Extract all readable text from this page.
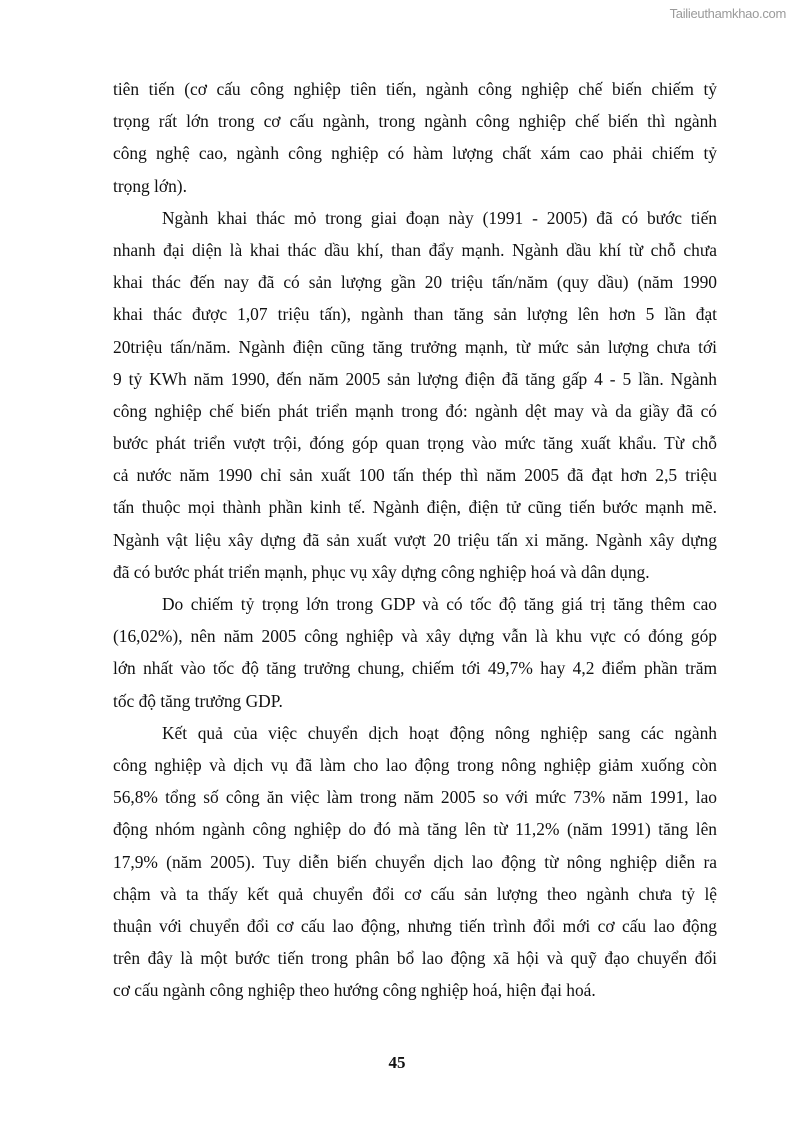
Tailieuthamkhao.com
tiên tiến (cơ cấu công nghiệp tiên tiến, ngành công nghiệp chế biến chiếm tỷ
trọng rất lớn trong cơ cấu ngành, trong ngành công nghiệp chế biến thì ngành
công nghệ cao, ngành công nghiệp có hàm lượng chất xám cao phải chiếm tỷ
trọng lớn).
Ngành khai thác mỏ trong giai đoạn này (1991 - 2005) đã có bước tiến
nhanh đại diện là khai thác dầu khí, than đẩy mạnh. Ngành dầu khí từ chỗ chưa
khai thác đến nay đã có sản lượng gần 20 triệu tấn/năm (quy dầu) (năm 1990
khai thác được 1,07 triệu tấn), ngành than tăng sản lượng lên hơn 5 lần đạt
20triệu tấn/năm. Ngành điện cũng tăng trưởng mạnh, từ mức sản lượng chưa tới
9 tỷ KWh năm 1990, đến năm 2005 sản lượng điện đã tăng gấp 4 - 5 lần. Ngành
công nghiệp chế biến phát triển mạnh trong đó: ngành dệt may và da giầy đã có
bước phát triển vượt trội, đóng góp quan trọng vào mức tăng xuất khẩu. Từ chỗ
cả nước năm 1990 chỉ sản xuất 100 tấn thép thì năm 2005 đã đạt hơn 2,5 triệu
tấn thuộc mọi thành phần kinh tế. Ngành điện, điện tử cũng tiến bước mạnh mẽ.
Ngành vật liệu xây dựng đã sản xuất vượt 20 triệu tấn xi măng. Ngành xây dựng
đã có bước phát triển mạnh, phục vụ xây dựng công nghiệp hoá và dân dụng.
Do chiếm tỷ trọng lớn trong GDP và có tốc độ tăng giá trị tăng thêm cao
(16,02%), nên năm 2005 công nghiệp và xây dựng vẫn là khu vực có đóng góp
lớn nhất vào tốc độ tăng trưởng chung, chiếm tới 49,7% hay 4,2 điểm phần trăm
tốc độ tăng trưởng GDP.
Kết quả của việc chuyển dịch hoạt động nông nghiệp sang các ngành
công nghiệp và dịch vụ đã làm cho lao động trong nông nghiệp giảm xuống còn
56,8% tổng số công ăn việc làm trong năm 2005 so với mức 73% năm 1991, lao
động nhóm ngành công nghiệp do đó mà tăng lên từ 11,2% (năm 1991) tăng lên
17,9% (năm 2005). Tuy diễn biến chuyển dịch lao động từ nông nghiệp diễn ra
chậm và ta thấy kết quả chuyển đổi cơ cấu sản lượng theo ngành chưa tỷ lệ
thuận với chuyển đổi cơ cấu lao động, nhưng tiến trình đổi mới cơ cấu lao động
trên đây là một bước tiến trong phân bổ lao động xã hội và quỹ đạo chuyển đổi
cơ cấu ngành công nghiệp theo hướng công nghiệp hoá, hiện đại hoá.
45
